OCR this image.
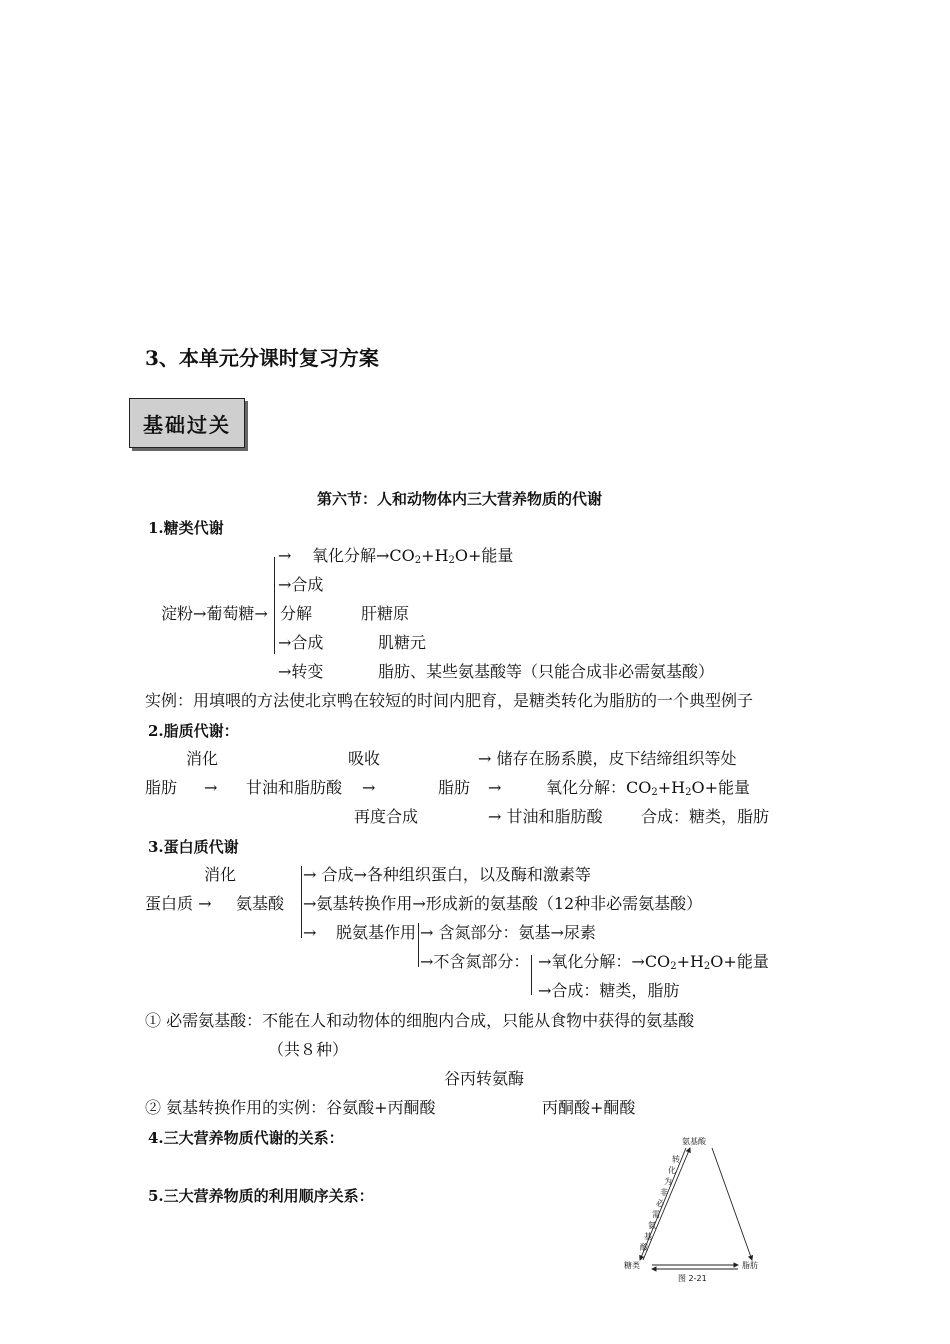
3、本单元分课时复习方案
基础过关
第六节：人和动物体内三大营养物质的代谢
1.糖类代谢
→ 氧化分解$\to CO_2+H_2O+$能量
→合成
淀粉→葡萄糖→ 分解	肝糖原
→合成	肌糖元
→转变	脂肪、某些氨基酸等（只能合成非必需氨基酸）
实例：用填喂的方法使北京鸭在较短的时间内肥育，是糖类转化为脂肪的一个典型例子
2.脂质代谢：
消化	吸收	→ 储存在肠系膜，皮下结缔组织等处
脂肪 → 甘油和脂肪酸 →	脂肪 →	氧化分解：$CO_2+H_2O+$能量
再度合成	→ 甘油和脂肪酸 合成：糖类，脂肪
3.蛋白质代谢
消化	→ 合成→各种组织蛋白，以及酶和激素等
蛋白质 → 氨基酸 →氨基转换作用→形成新的氨基酸（12种非必需氨基酸）
→ 脱氨基作用 → 含氮部分：氨基→尿素
→不含氮部分： →氧化分解：$\to CO_2+H_2O+$能量
→合成：糖类，脂肪
① 必需氨基酸：不能在人和动物体的细胞内合成，只能从食物中获得的氨基酸
（共８种）
谷丙转氨酶
② 氨基转换作用的实例：谷氨酸+丙酮酸	丙酮酸+酮酸
4.三大营养物质代谢的关系：
5.三大营养物质的利用顺序关系：
氨基酸
糖类	脂肪
图 2-21
转
化
为
非
必
需
氨
基
酸
